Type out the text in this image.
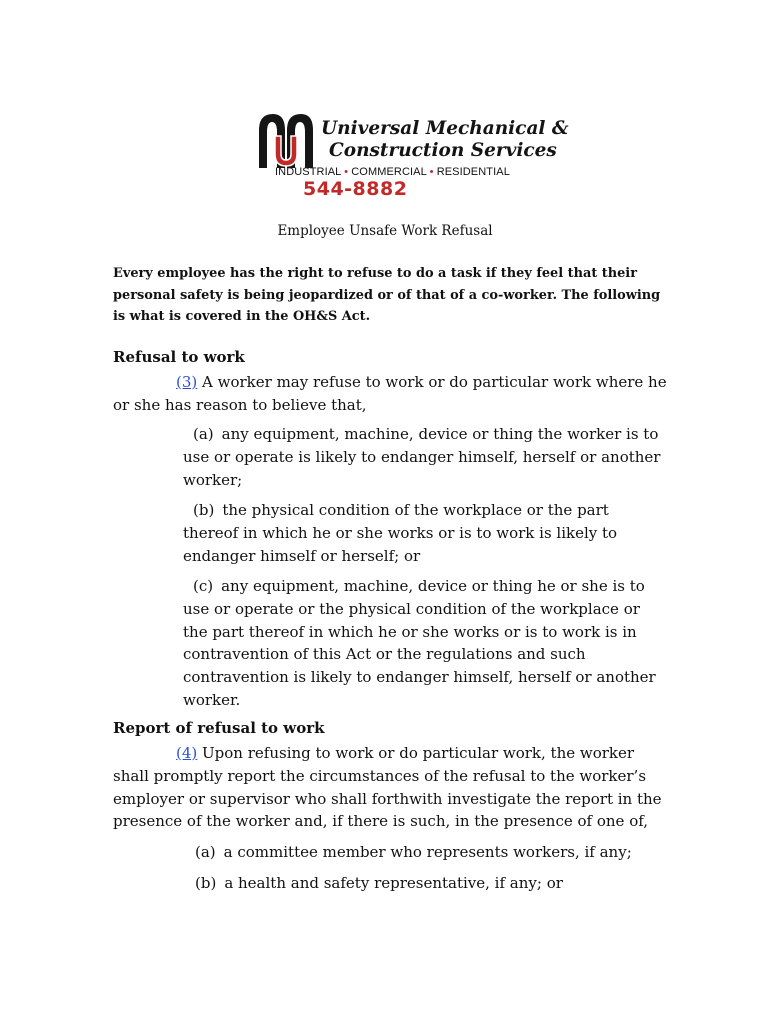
Universal Mechanical &
Construction Services
INDUSTRIAL • COMMERCIAL • RESIDENTIAL
544-8882
Employee Unsafe Work Refusal
Every employee has the right to refuse to do a task if they feel that their personal safety is being jeopardized or of that of a co-worker. The following is what is covered in the OH&S Act.
Refusal to work
(3) A worker may refuse to work or do particular work where he or she has reason to believe that,
(a) any equipment, machine, device or thing the worker is to use or operate is likely to endanger himself, herself or another worker;
(b) the physical condition of the workplace or the part thereof in which he or she works or is to work is likely to endanger himself or herself; or
(c) any equipment, machine, device or thing he or she is to use or operate or the physical condition of the workplace or the part thereof in which he or she works or is to work is in contravention of this Act or the regulations and such contravention is likely to endanger himself, herself or another worker.
Report of refusal to work
(4) Upon refusing to work or do particular work, the worker shall promptly report the circumstances of the refusal to the worker’s employer or supervisor who shall forthwith investigate the report in the presence of the worker and, if there is such, in the presence of one of,
(a) a committee member who represents workers, if any;
(b) a health and safety representative, if any; or
